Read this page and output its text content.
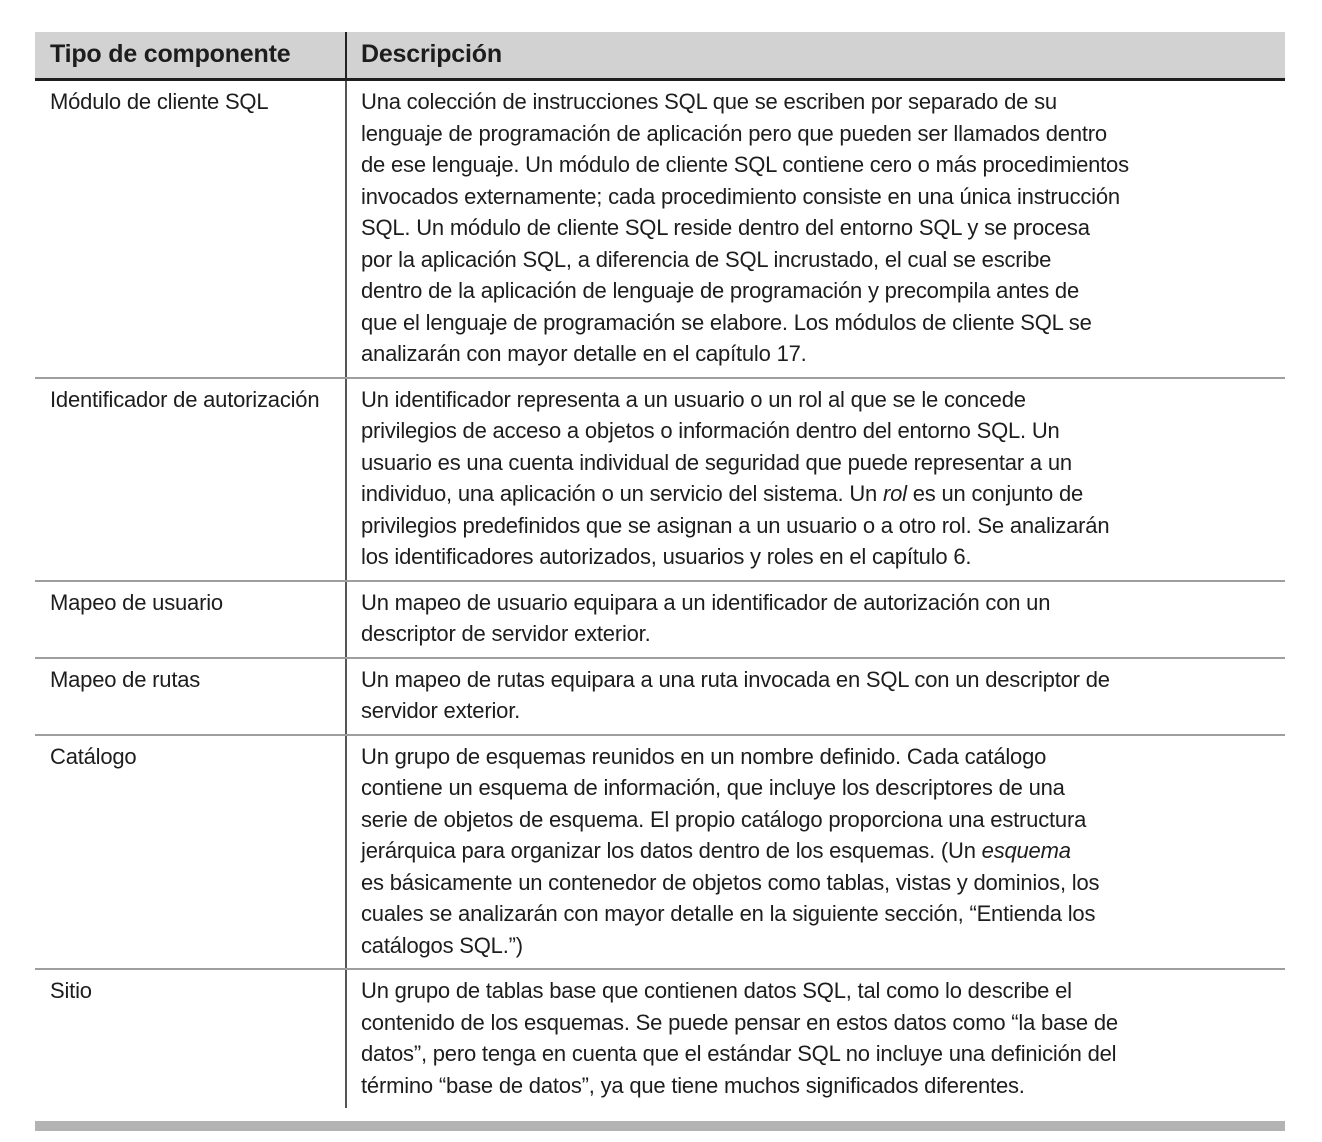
Tipo de componente	Descripción
Módulo de cliente SQL	Una colección de instrucciones SQL que se escriben por separado de su
lenguaje de programación de aplicación pero que pueden ser llamados dentro
de ese lenguaje. Un módulo de cliente SQL contiene cero o más procedimientos
invocados externamente; cada procedimiento consiste en una única instrucción
SQL. Un módulo de cliente SQL reside dentro del entorno SQL y se procesa
por la aplicación SQL, a diferencia de SQL incrustado, el cual se escribe
dentro de la aplicación de lenguaje de programación y precompila antes de
que el lenguaje de programación se elabore. Los módulos de cliente SQL se
analizarán con mayor detalle en el capítulo 17.
Identificador de autorización	Un identificador representa a un usuario o un rol al que se le concede
privilegios de acceso a objetos o información dentro del entorno SQL. Un
usuario es una cuenta individual de seguridad que puede representar a un
individuo, una aplicación o un servicio del sistema. Un rol es un conjunto de
privilegios predefinidos que se asignan a un usuario o a otro rol. Se analizarán
los identificadores autorizados, usuarios y roles en el capítulo 6.
Mapeo de usuario	Un mapeo de usuario equipara a un identificador de autorización con un
descriptor de servidor exterior.
Mapeo de rutas	Un mapeo de rutas equipara a una ruta invocada en SQL con un descriptor de
servidor exterior.
Catálogo	Un grupo de esquemas reunidos en un nombre definido. Cada catálogo
contiene un esquema de información, que incluye los descriptores de una
serie de objetos de esquema. El propio catálogo proporciona una estructura
jerárquica para organizar los datos dentro de los esquemas. (Un esquema
es básicamente un contenedor de objetos como tablas, vistas y dominios, los
cuales se analizarán con mayor detalle en la siguiente sección, “Entienda los
catálogos SQL.”)
Sitio	Un grupo de tablas base que contienen datos SQL, tal como lo describe el
contenido de los esquemas. Se puede pensar en estos datos como “la base de
datos”, pero tenga en cuenta que el estándar SQL no incluye una definición del
término “base de datos”, ya que tiene muchos significados diferentes.
